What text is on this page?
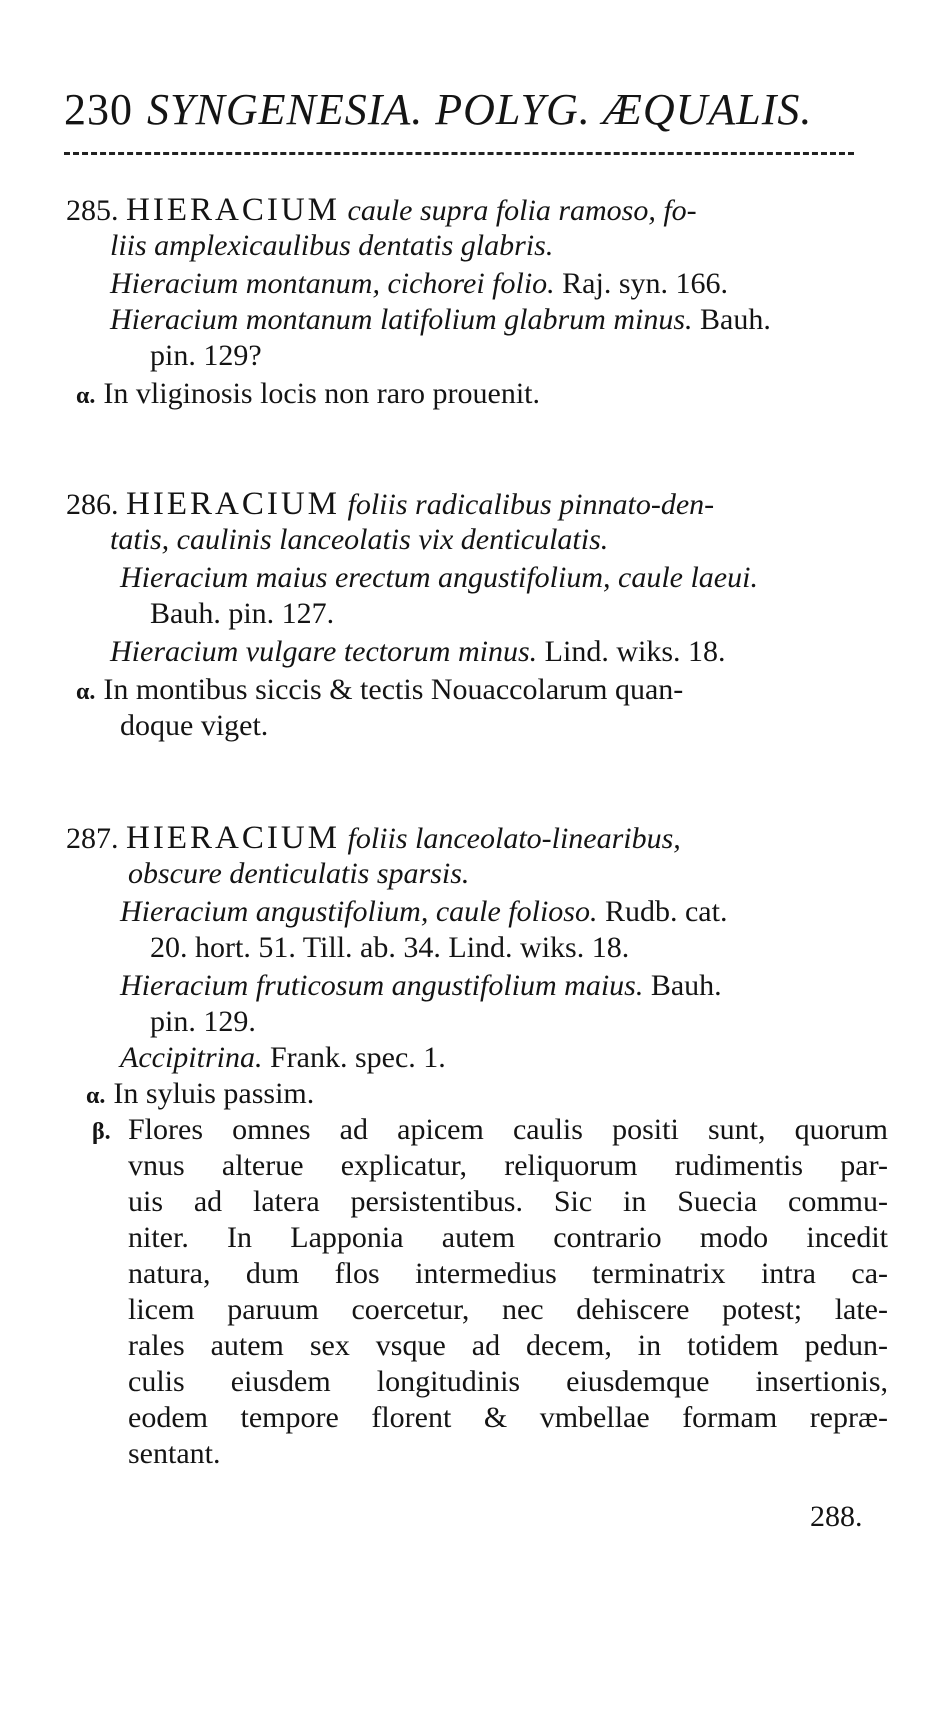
230 SYNGENESIA. POLYG. ÆQUALIS.
285. HIERACIUM caule supra folia ramoso, fo-
liis amplexicaulibus dentatis glabris.
Hieracium montanum, cichorei folio. Raj. syn. 166.
Hieracium montanum latifolium glabrum minus. Bauh.
pin. 129?
α. In vliginosis locis non raro prouenit.
286. HIERACIUM foliis radicalibus pinnato-den-
tatis, caulinis lanceolatis vix denticulatis.
Hieracium maius erectum angustifolium, caule laeui.
Bauh. pin. 127.
Hieracium vulgare tectorum minus. Lind. wiks. 18.
α. In montibus siccis & tectis Nouaccolarum quan-
doque viget.
287. HIERACIUM foliis lanceolato-linearibus,
obscure denticulatis sparsis.
Hieracium angustifolium, caule folioso. Rudb. cat.
20. hort. 51. Till. ab. 34. Lind. wiks. 18.
Hieracium fruticosum angustifolium maius. Bauh.
pin. 129.
Accipitrina. Frank. spec. 1.
α. In syluis passim.
β. Flores omnes ad apicem caulis positi sunt, quorum
vnus alterue explicatur, reliquorum rudimentis par-
uis ad latera persistentibus. Sic in Suecia commu-
niter. In Lapponia autem contrario modo incedit
natura, dum flos intermedius terminatrix intra ca-
licem paruum coercetur, nec dehiscere potest; late-
rales autem sex vsque ad decem, in totidem pedun-
culis eiusdem longitudinis eiusdemque insertionis,
eodem tempore florent & vmbellae formam repræ-
sentant.
288.
